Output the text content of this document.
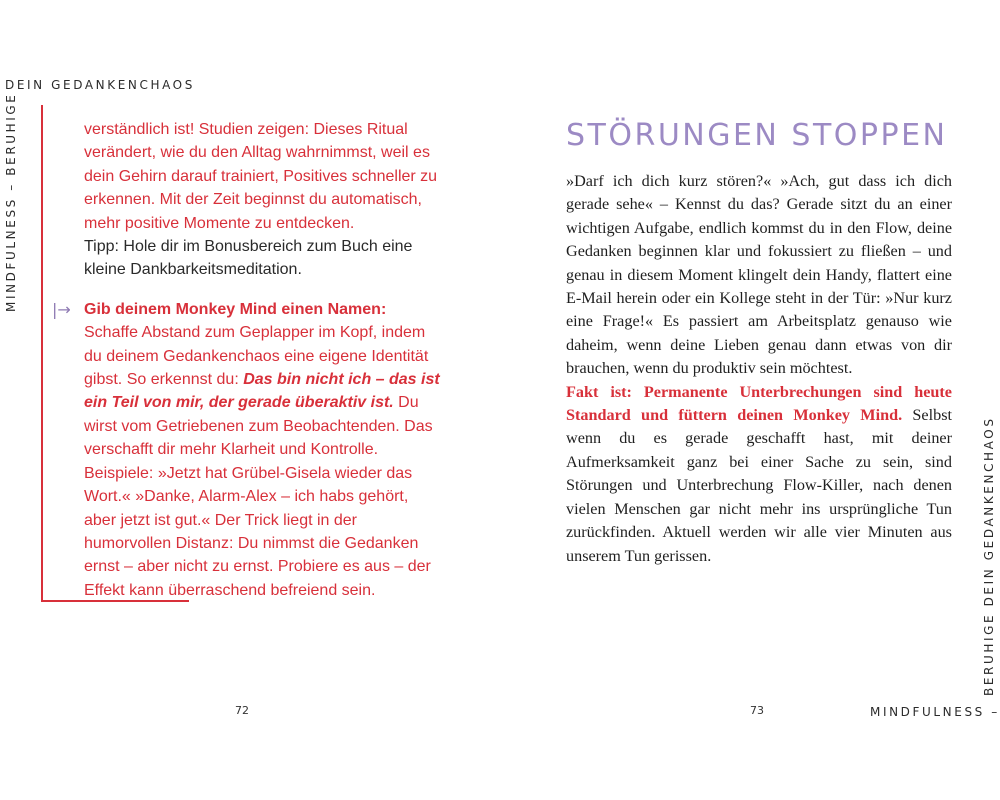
DEIN GEDANKENCHAOS
MINDFULNESS – BERUHIGE
BERUHIGE DEIN GEDANKENCHAOS
MINDFULNESS –

verständlich ist! Studien zeigen: Dieses Ritual verändert, wie du den Alltag wahrnimmst, weil es dein Gehirn darauf trainiert, Positives schneller zu erkennen. Mit der Zeit beginnst du automatisch, mehr positive Momente zu entdecken.

Tipp: Hole dir im Bonusbereich zum Buch eine kleine Dankbarkeitsmeditation.

|→ Gib deinem Monkey Mind einen Namen: Schaffe Abstand zum Geplapper im Kopf, indem du deinem Gedankenchaos eine eigene Identität gibst. So erkennst du: Das bin nicht ich – das ist ein Teil von mir, der gerade überaktiv ist. Du wirst vom Getriebenen zum Beobachtenden. Das verschafft dir mehr Klarheit und Kontrolle. Beispiele: »Jetzt hat Grübel-Gisela wieder das Wort.« »Danke, Alarm-Alex – ich habs gehört, aber jetzt ist gut.« Der Trick liegt in der humorvollen Distanz: Du nimmst die Gedanken ernst – aber nicht zu ernst. Probiere es aus – der Effekt kann überraschend befreiend sein.
STÖRUNGEN STOPPEN

»Darf ich dich kurz stören?« »Ach, gut dass ich dich gerade sehe« – Kennst du das? Gerade sitzt du an einer wichtigen Aufgabe, endlich kommst du in den Flow, deine Gedanken beginnen klar und fokussiert zu fließen – und genau in diesem Moment klingelt dein Handy, flattert eine E-Mail herein oder ein Kollege steht in der Tür: »Nur kurz eine Frage!« Es passiert am Arbeitsplatz genauso wie daheim, wenn deine Lieben genau dann etwas von dir brauchen, wenn du produktiv sein möchtest.

Fakt ist: Permanente Unterbrechungen sind heute Standard und füttern deinen Monkey Mind. Selbst wenn du es gerade geschafft hast, mit deiner Aufmerksamkeit ganz bei einer Sache zu sein, sind Störungen und Unterbrechung Flow-Killer, nach denen vielen Menschen gar nicht mehr ins ursprüngliche Tun zurückfinden. Aktuell werden wir alle vier Minuten aus unserem Tun gerissen.

72	73
